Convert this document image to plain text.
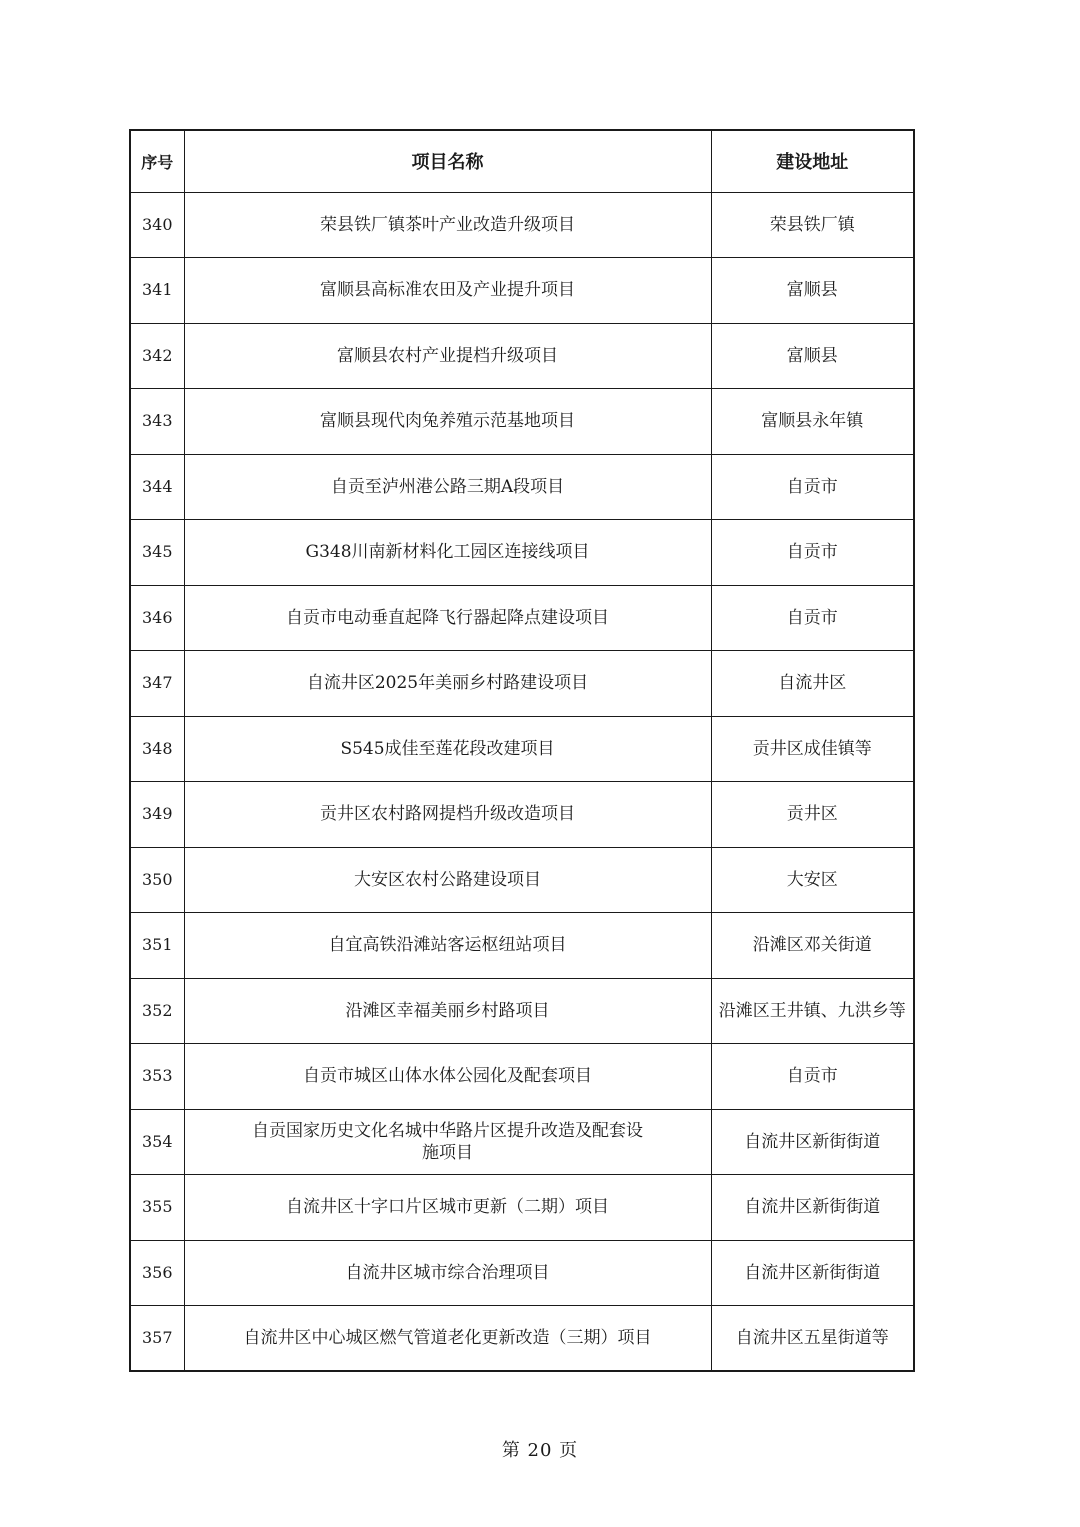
序号	项目名称	建设地址
340	荣县铁厂镇茶叶产业改造升级项目	荣县铁厂镇
341	富顺县高标准农田及产业提升项目	富顺县
342	富顺县农村产业提档升级项目	富顺县
343	富顺县现代肉兔养殖示范基地项目	富顺县永年镇
344	自贡至泸州港公路三期A段项目	自贡市
345	G348川南新材料化工园区连接线项目	自贡市
346	自贡市电动垂直起降飞行器起降点建设项目	自贡市
347	自流井区2025年美丽乡村路建设项目	自流井区
348	S545成佳至莲花段改建项目	贡井区成佳镇等
349	贡井区农村路网提档升级改造项目	贡井区
350	大安区农村公路建设项目	大安区
351	自宜高铁沿滩站客运枢纽站项目	沿滩区邓关街道
352	沿滩区幸福美丽乡村路项目	沿滩区王井镇、九洪乡等
353	自贡市城区山体水体公园化及配套项目	自贡市
354	自贡国家历史文化名城中华路片区提升改造及配套设施项目	自流井区新街街道
355	自流井区十字口片区城市更新（二期）项目	自流井区新街街道
356	自流井区城市综合治理项目	自流井区新街街道
357	自流井区中心城区燃气管道老化更新改造（三期）项目	自流井区五星街道等
第 20 页
